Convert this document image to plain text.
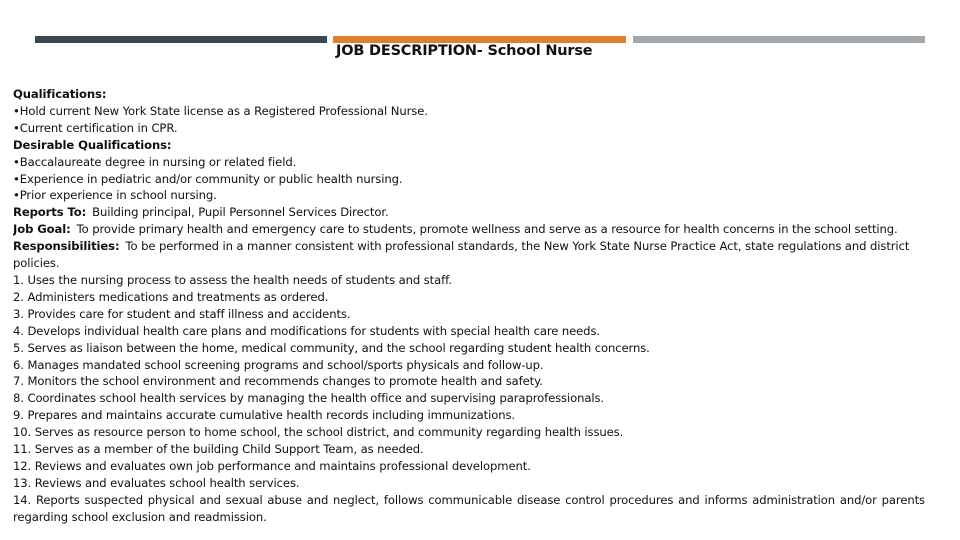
JOB DESCRIPTION- School Nurse
Qualifications:
•Hold current New York State license as a Registered Professional Nurse.
•Current certification in CPR.
Desirable Qualifications:
•Baccalaureate degree in nursing or related field.
•Experience in pediatric and/or community or public health nursing.
•Prior experience in school nursing.
Reports To: Building principal, Pupil Personnel Services Director.
Job Goal: To provide primary health and emergency care to students, promote wellness and serve as a resource for health concerns in the school setting.
Responsibilities: To be performed in a manner consistent with professional standards, the New York State Nurse Practice Act, state regulations and district policies.
1. Uses the nursing process to assess the health needs of students and staff.
2. Administers medications and treatments as ordered.
3. Provides care for student and staff illness and accidents.
4. Develops individual health care plans and modifications for students with special health care needs.
5. Serves as liaison between the home, medical community, and the school regarding student health concerns.
6. Manages mandated school screening programs and school/sports physicals and follow-up.
7. Monitors the school environment and recommends changes to promote health and safety.
8. Coordinates school health services by managing the health office and supervising paraprofessionals.
9. Prepares and maintains accurate cumulative health records including immunizations.
10. Serves as resource person to home school, the school district, and community regarding health issues.
11. Serves as a member of the building Child Support Team, as needed.
12. Reviews and evaluates own job performance and maintains professional development.
13. Reviews and evaluates school health services.
14. Reports suspected physical and sexual abuse and neglect, follows communicable disease control procedures and informs administration and/or parents regarding school exclusion and readmission.
